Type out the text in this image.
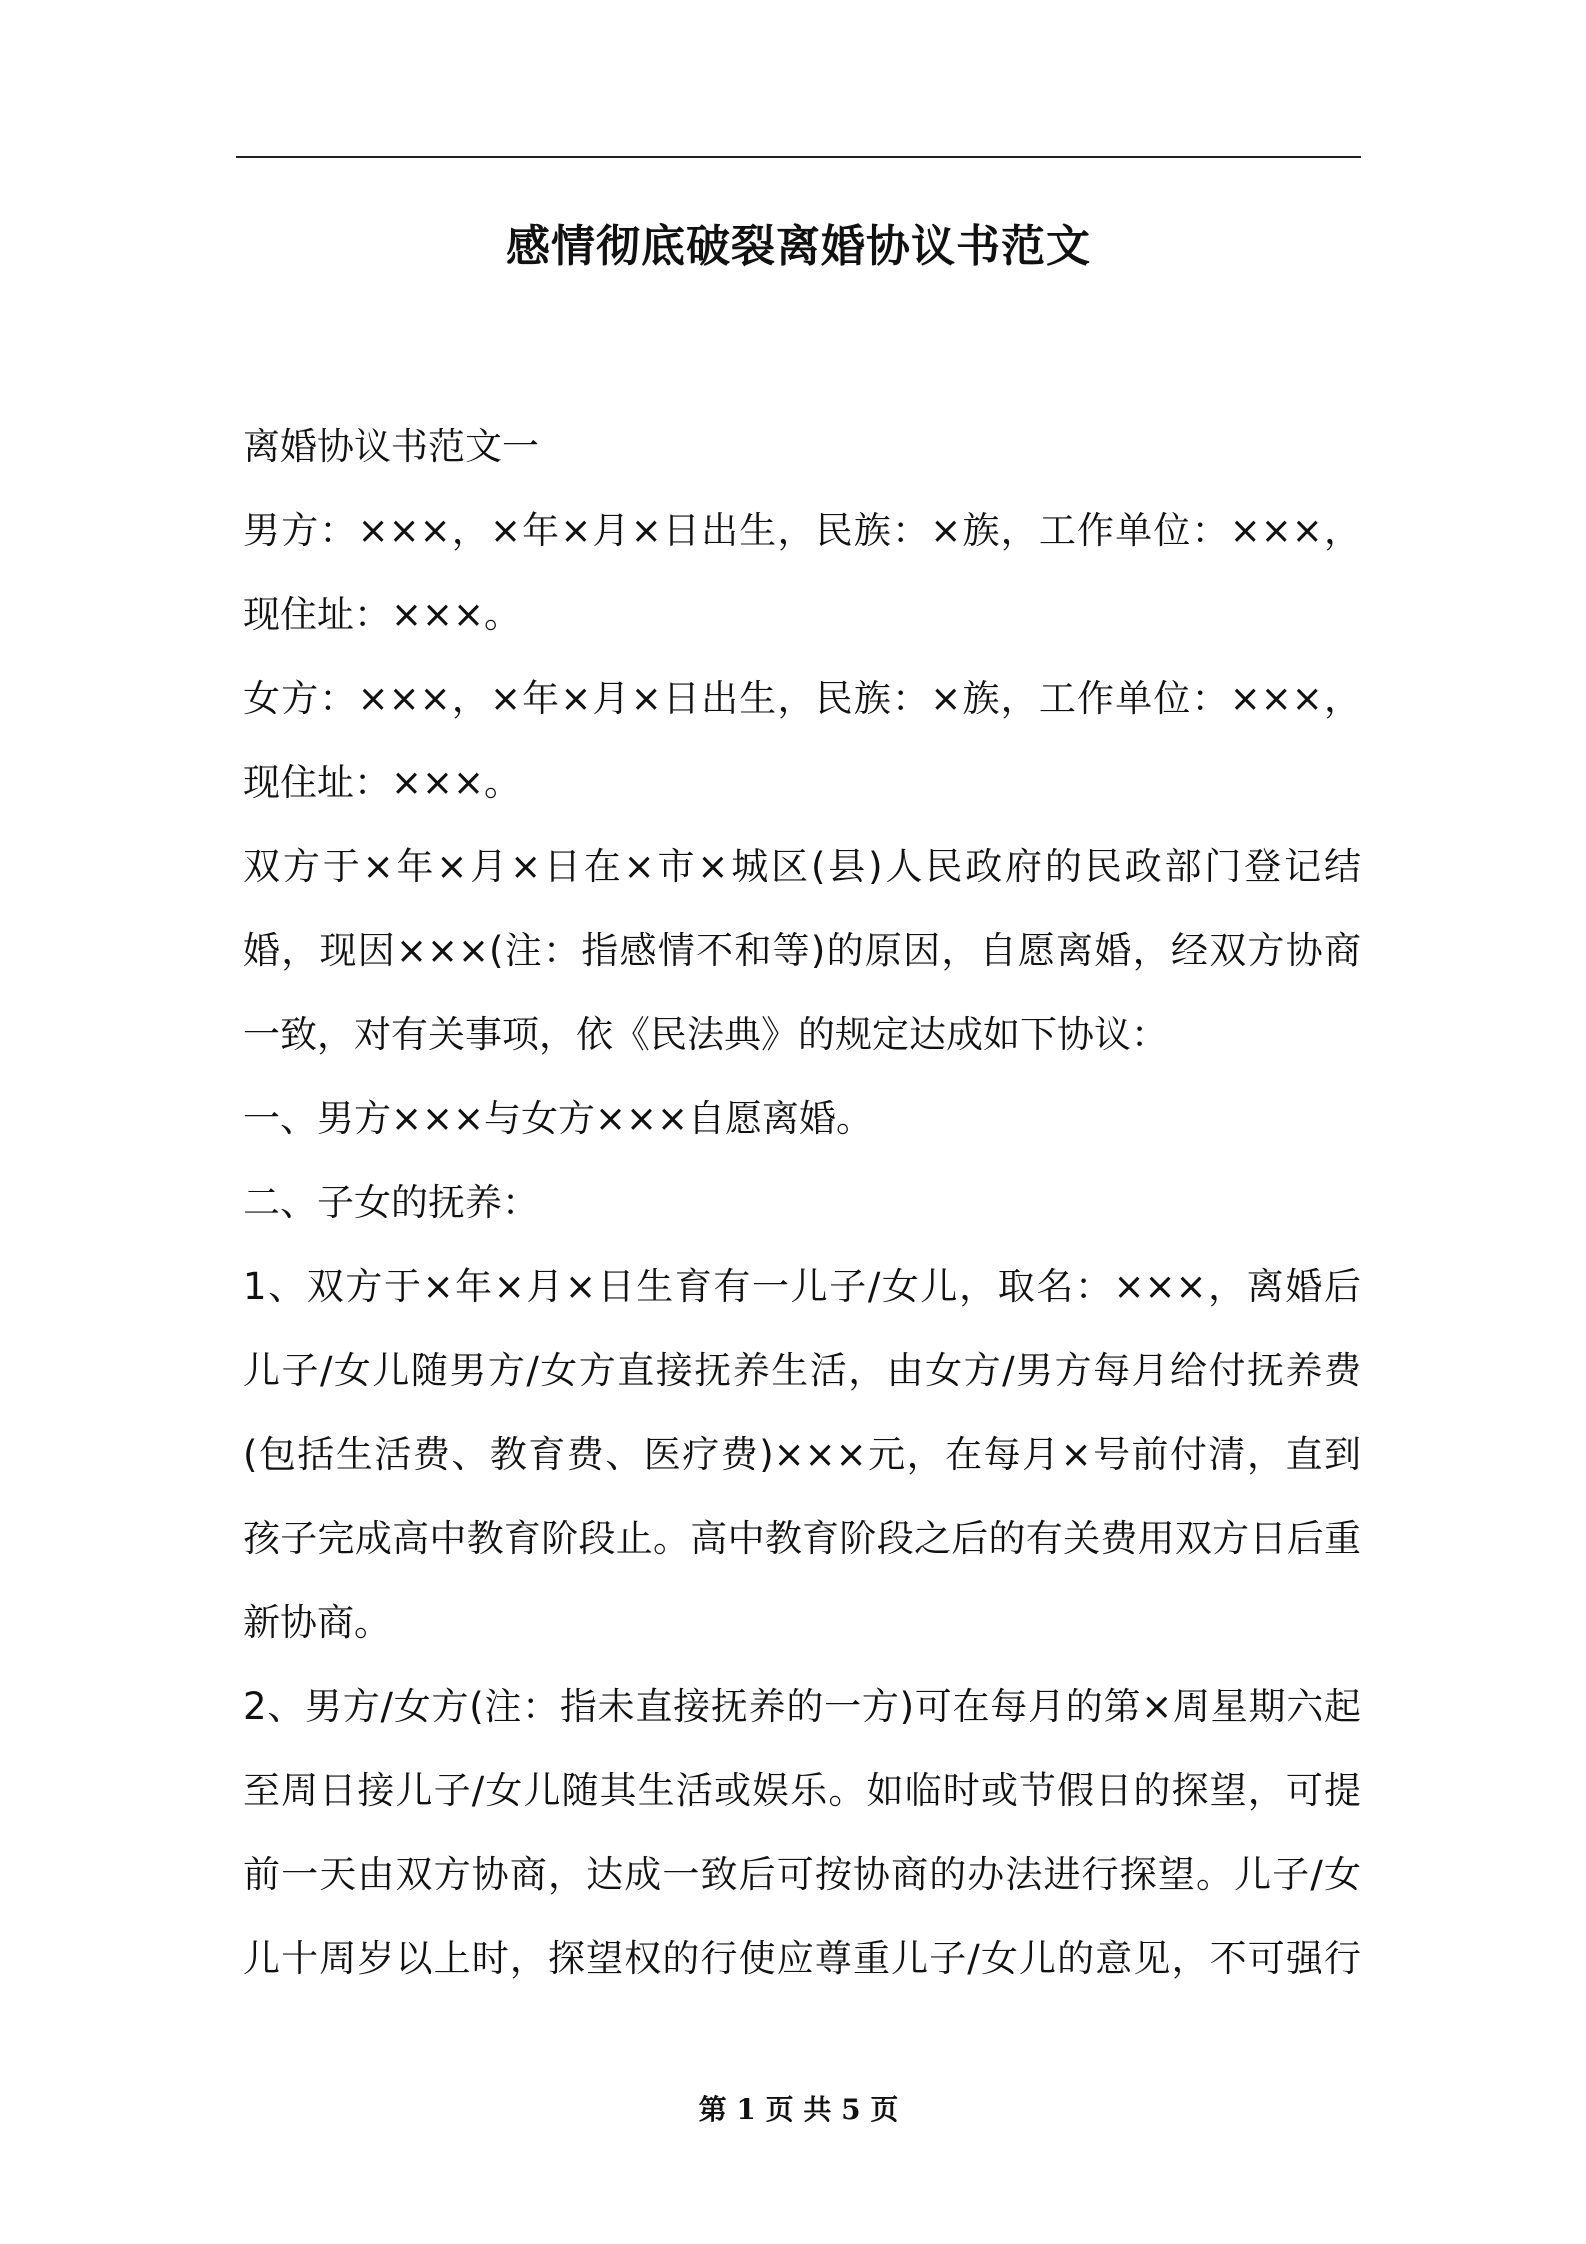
感情彻底破裂离婚协议书范文
离婚协议书范文一
男方：×××，×年×月×日出生，民族：×族，工作单位：×××，
现住址：×××。
女方：×××，×年×月×日出生，民族：×族，工作单位：×××，
现住址：×××。
双方于×年×月×日在×市×城区(县)人民政府的民政部门登记结
婚，现因×××(注：指感情不和等)的原因，自愿离婚，经双方协商
一致，对有关事项，依《民法典》的规定达成如下协议：
一、男方×××与女方×××自愿离婚。
二、子女的抚养：
1、双方于×年×月×日生育有一儿子/女儿，取名：×××，离婚后
儿子/女儿随男方/女方直接抚养生活，由女方/男方每月给付抚养费
(包括生活费、教育费、医疗费)×××元，在每月×号前付清，直到
孩子完成高中教育阶段止。高中教育阶段之后的有关费用双方日后重
新协商。
2、男方/女方(注：指未直接抚养的一方)可在每月的第×周星期六起
至周日接儿子/女儿随其生活或娱乐。如临时或节假日的探望，可提
前一天由双方协商，达成一致后可按协商的办法进行探望。儿子/女
儿十周岁以上时，探望权的行使应尊重儿子/女儿的意见，不可强行
第 1 页 共 5 页
